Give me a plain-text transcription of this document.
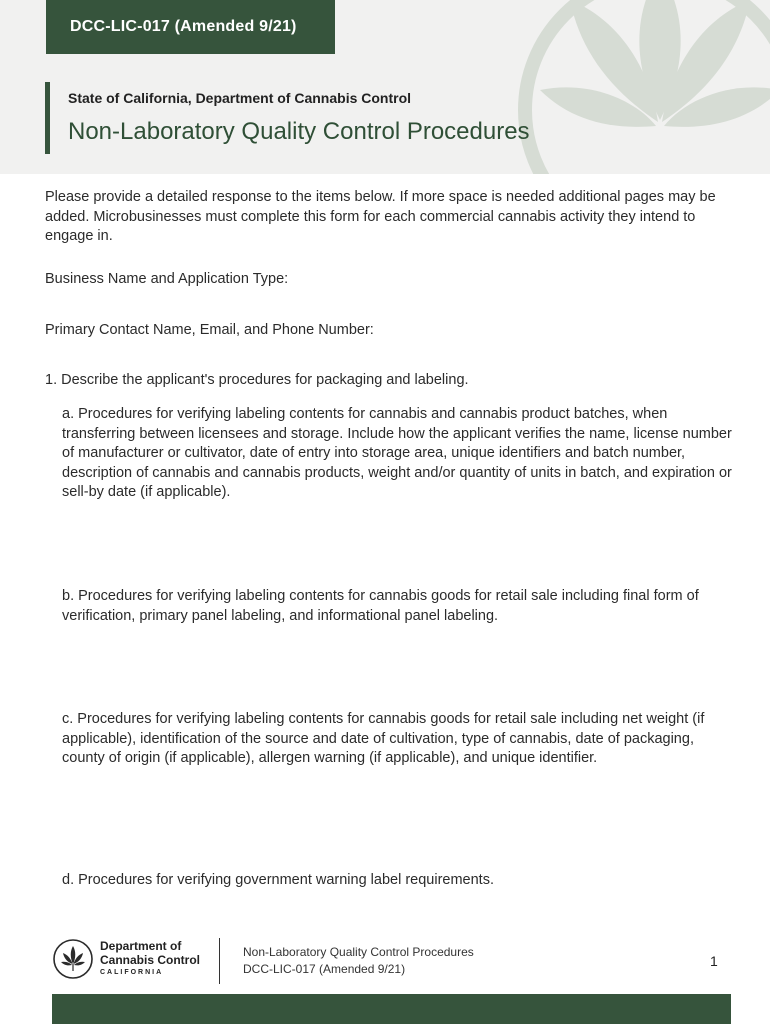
DCC-LIC-017 (Amended 9/21)
State of California, Department of Cannabis Control
Non-Laboratory Quality Control Procedures
Please provide a detailed response to the items below. If more space is needed additional pages may be added. Microbusinesses must complete this form for each commercial cannabis activity they intend to engage in.
Business Name and Application Type:
Primary Contact Name, Email, and Phone Number:
1. Describe the applicant's procedures for packaging and labeling.
a. Procedures for verifying labeling contents for cannabis and cannabis product batches, when transferring between licensees and storage. Include how the applicant verifies the name, license number of manufacturer or cultivator, date of entry into storage area, unique identifiers and batch number, description of cannabis and cannabis products, weight and/or quantity of units in batch, and expiration or sell-by date (if applicable).
b. Procedures for verifying labeling contents for cannabis goods for retail sale including final form of verification, primary panel labeling, and informational panel labeling.
c. Procedures for verifying labeling contents for cannabis goods for retail sale including net weight (if applicable), identification of the source and date of cultivation, type of cannabis, date of packaging, county of origin (if applicable), allergen warning (if applicable), and unique identifier.
d. Procedures for verifying government warning label requirements.
Department of
Cannabis Control
CALIFORNIA
Non-Laboratory Quality Control Procedures
DCC-LIC-017 (Amended 9/21)	1
